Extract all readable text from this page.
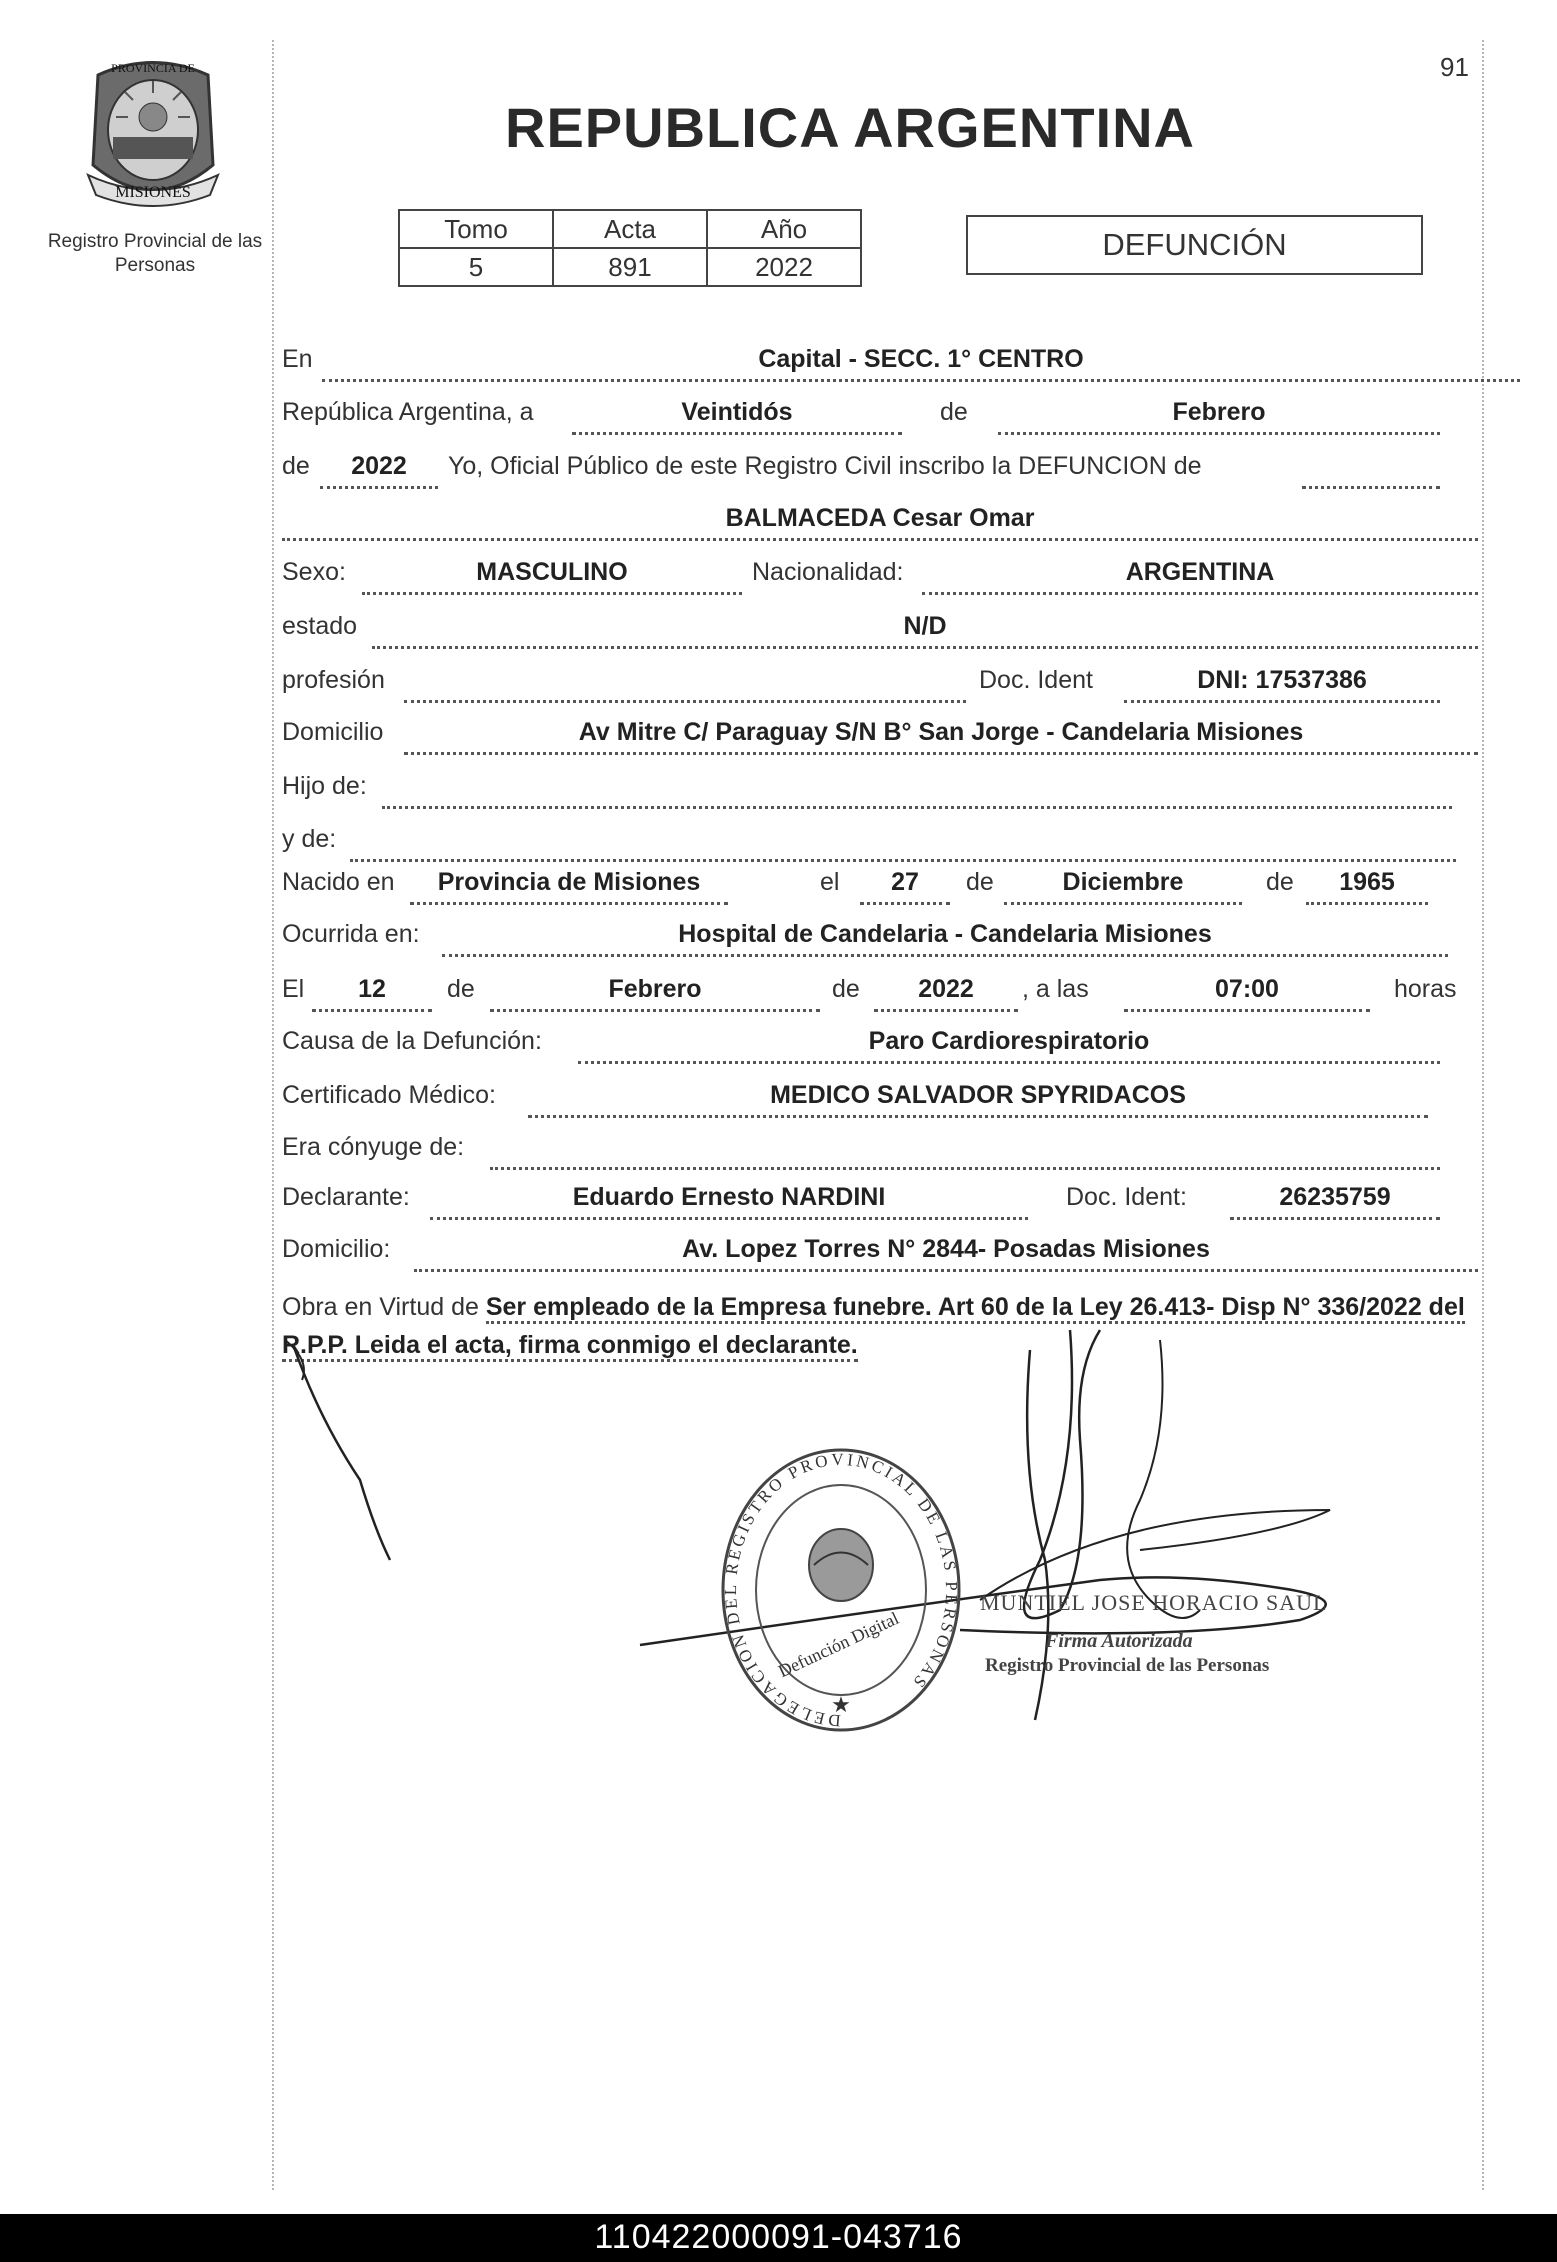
91
PROVINCIA DE
MISIONES
Registro Provincial de las Personas
REPUBLICA ARGENTINA
Tomo	Acta	Año
5	891	2022
DEFUNCIÓN
En	Capital - SECC. 1° CENTRO
República Argentina, a	Veintidós	de	Febrero
de	2022	Yo, Oficial Público de este Registro Civil inscribo la DEFUNCION de
BALMACEDA Cesar Omar
Sexo:	MASCULINO	Nacionalidad:	ARGENTINA
estado	N/D
profesión	Doc. Ident	DNI: 17537386
Domicilio	Av Mitre C/ Paraguay S/N B° San Jorge - Candelaria Misiones
Hijo de:
y de:
Nacido en	Provincia de Misiones	el	27	de	Diciembre	de	1965
Ocurrida en:	Hospital de Candelaria - Candelaria Misiones
El	12	de	Febrero	de	2022	, a las	07:00	horas
Causa de la Defunción:	Paro Cardiorespiratorio
Certificado Médico:	MEDICO SALVADOR SPYRIDACOS
Era cónyuge de:
Declarante:	Eduardo Ernesto NARDINI	Doc. Ident:	26235759
Domicilio:	Av. Lopez Torres N° 2844- Posadas Misiones
Obra en Virtud de Ser empleado de la Empresa funebre. Art 60 de la Ley 26.413- Disp N° 336/2022 del R.P.P. Leida el acta, firma conmigo el declarante.
DELEGACION DEL REGISTRO PROVINCIAL DE LAS PERSONAS
Defunción Digital
★
MUNTIEL JOSE HORACIO SAUL
Firma Autorizada
Registro Provincial de las Personas
110422000091-043716
